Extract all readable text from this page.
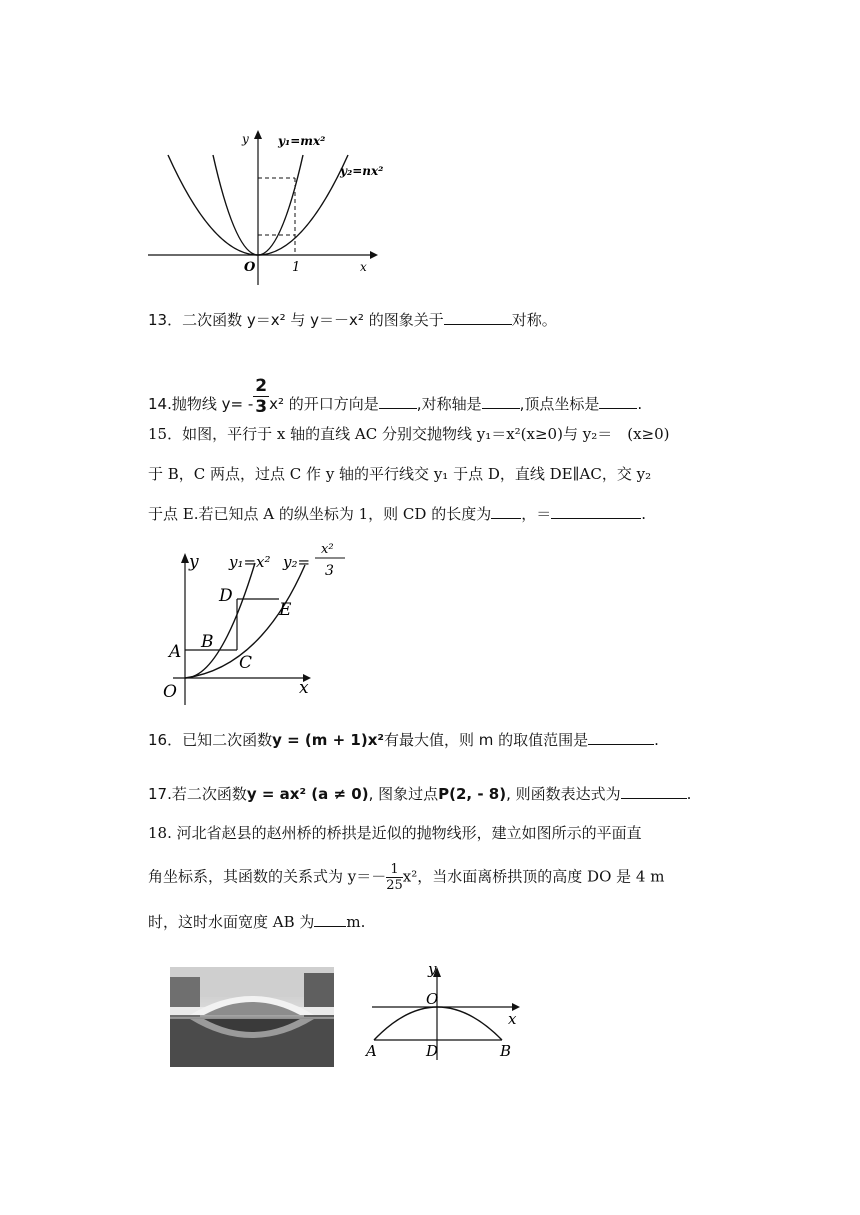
y
x
O	1
y₁=mx²
y₂=nx²
13．二次函数 y＝x² 与 y＝－x² 的图象关于	对称。
14.抛物线 $y= - \frac{2}{3} x^2$ 的开口方向是	,对称轴是	,顶点坐标是	.
15．如图，平行于 x 轴的直线 AC 分别交抛物线 y₁＝x²(x≥0)与 y₂＝　(x≥0)
于 B，C 两点，过点 C 作 y 轴的平行线交 y₁ 于点 D，直线 DE∥AC，交 y₂
于点 E.若已知点 A 的纵坐标为 1，则 CD 的长度为 ，＝	.
O	x
y
A B
C
D
E
y₁=x² y₂=
x²
3
16．已知二次函数y = (m + 1)x²有最大值，则 m 的取值范围是	.
17.若二次函数y = ax² (a ≠ 0), 图象过点P(2, - 8), 则函数表达式为	.
18. 河北省赵县的赵州桥的桥拱是近似的抛物线形，建立如图所示的平面直
角坐标系，其函数的关系式为 $y=- \frac{1}{25} x^2$，当水面离桥拱顶的高度 DO 是 4 m
时，这时水面宽度 AB 为 m.
y
x
O
A	D	B
